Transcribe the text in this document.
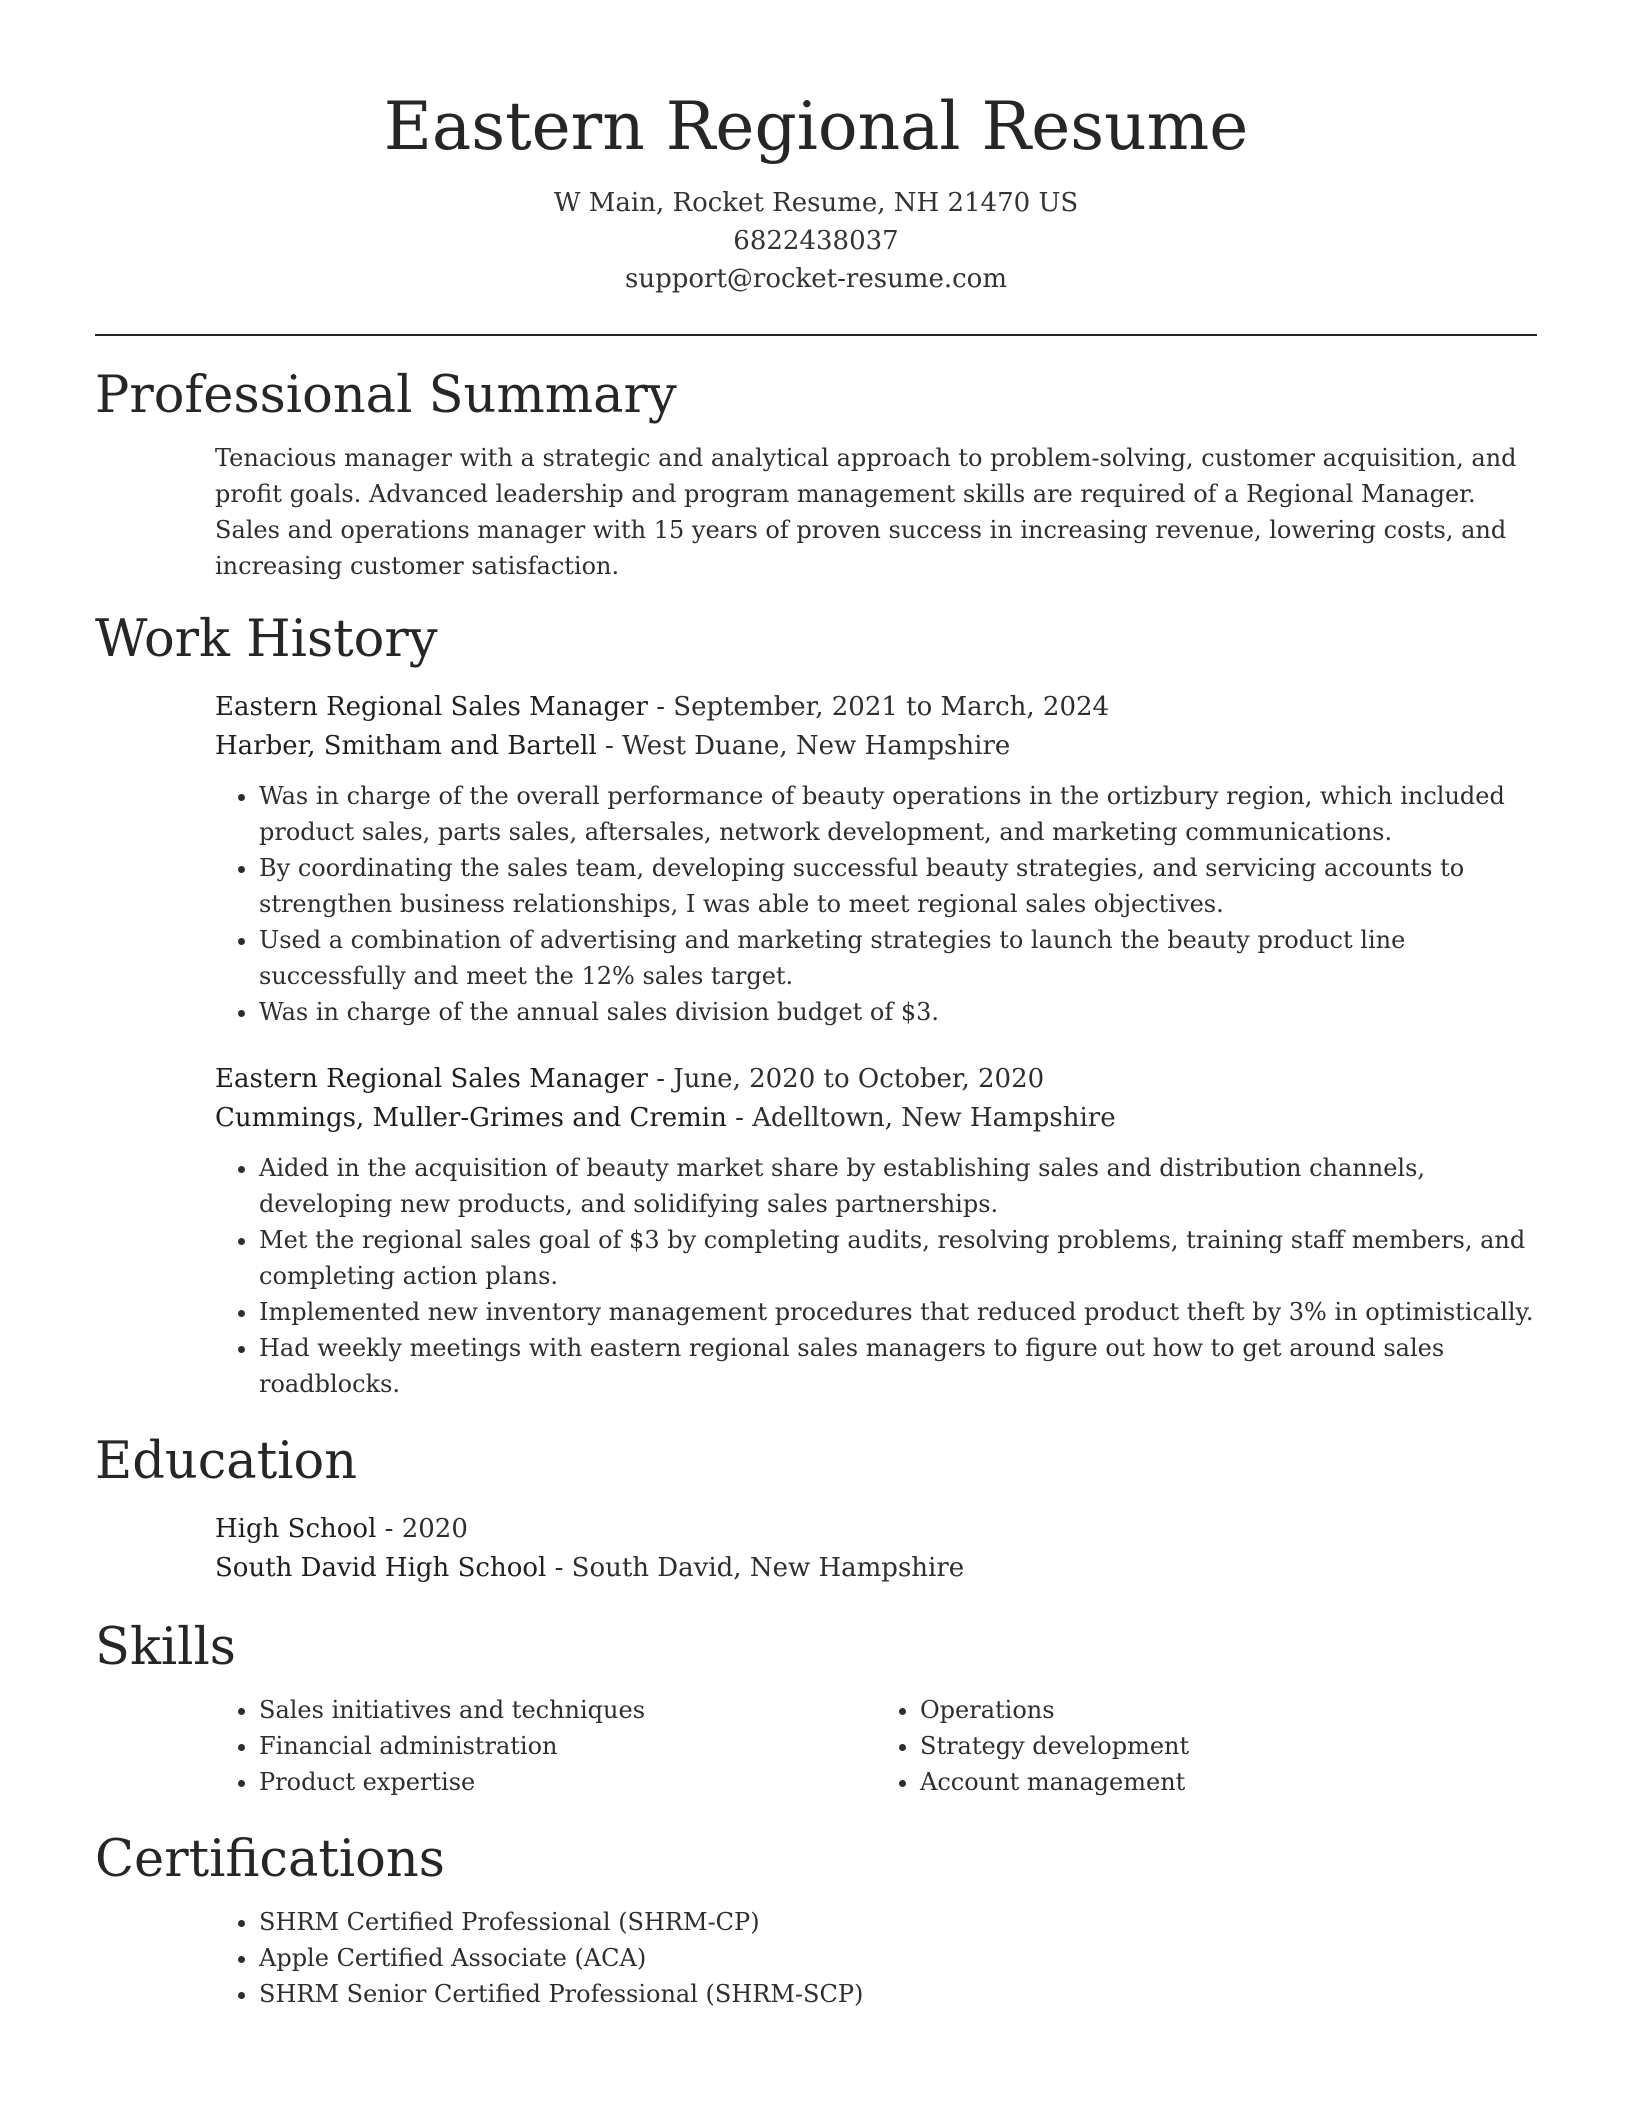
Eastern Regional Resume
W Main, Rocket Resume, NH 21470 US
6822438037
support@rocket-resume.com
Professional Summary
Tenacious manager with a strategic and analytical approach to problem-solving, customer acquisition, and profit goals. Advanced leadership and program management skills are required of a Regional Manager. Sales and operations manager with 15 years of proven success in increasing revenue, lowering costs, and increasing customer satisfaction.
Work History
Eastern Regional Sales Manager - September, 2021 to March, 2024
Harber, Smitham and Bartell - West Duane, New Hampshire
• Was in charge of the overall performance of beauty operations in the ortizbury region, which included product sales, parts sales, aftersales, network development, and marketing communications.
• By coordinating the sales team, developing successful beauty strategies, and servicing accounts to strengthen business relationships, I was able to meet regional sales objectives.
• Used a combination of advertising and marketing strategies to launch the beauty product line successfully and meet the 12% sales target.
• Was in charge of the annual sales division budget of $3.
Eastern Regional Sales Manager - June, 2020 to October, 2020
Cummings, Muller-Grimes and Cremin - Adelltown, New Hampshire
• Aided in the acquisition of beauty market share by establishing sales and distribution channels, developing new products, and solidifying sales partnerships.
• Met the regional sales goal of $3 by completing audits, resolving problems, training staff members, and completing action plans.
• Implemented new inventory management procedures that reduced product theft by 3% in optimistically.
• Had weekly meetings with eastern regional sales managers to figure out how to get around sales roadblocks.
Education
High School - 2020
South David High School - South David, New Hampshire
Skills
• Sales initiatives and techniques
• Financial administration
• Product expertise
• Operations
• Strategy development
• Account management
Certifications
• SHRM Certified Professional (SHRM-CP)
• Apple Certified Associate (ACA)
• SHRM Senior Certified Professional (SHRM-SCP)
